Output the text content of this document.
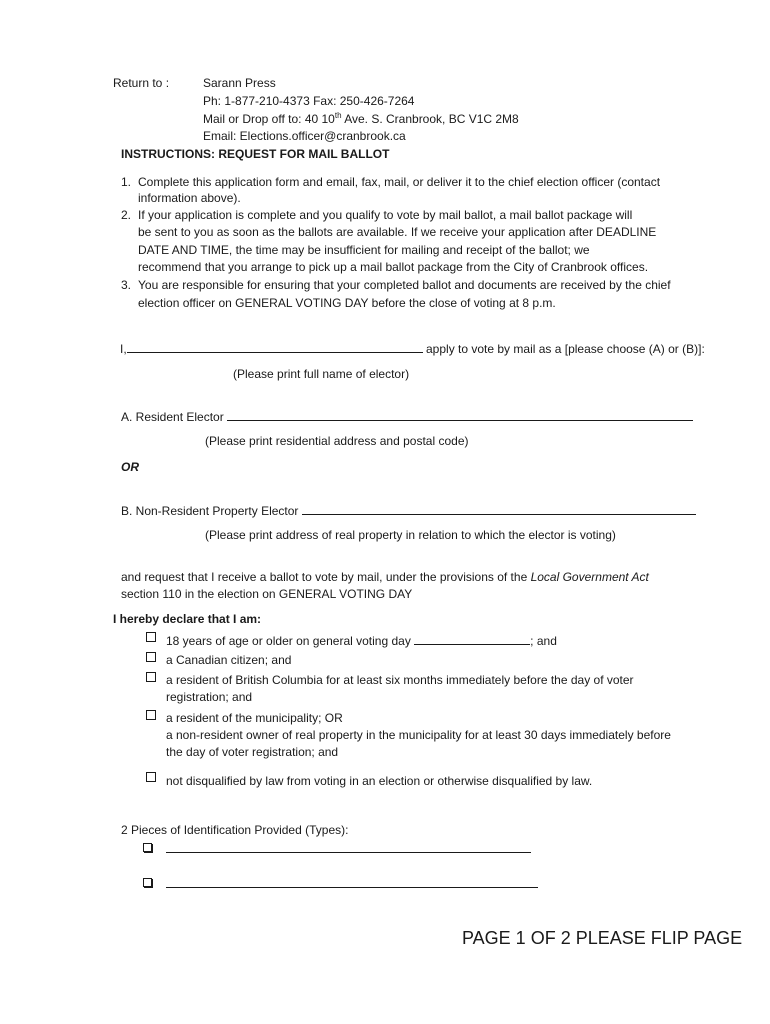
Return to :	Sarann Press
Ph: 1-877-210-4373 Fax: 250-426-7264
Mail or Drop off to: 40 10th Ave. S. Cranbrook, BC V1C 2M8
Email: Elections.officer@cranbrook.ca
INSTRUCTIONS: REQUEST FOR MAIL BALLOT
1. Complete this application form and email, fax, mail, or deliver it to the chief election officer (contact
information above).
2. If your application is complete and you qualify to vote by mail ballot, a mail ballot package will
be sent to you as soon as the ballots are available. If we receive your application after DEADLINE
DATE AND TIME, the time may be insufficient for mailing and receipt of the ballot; we
recommend that you arrange to pick up a mail ballot package from the City of Cranbrook offices.
3. You are responsible for ensuring that your completed ballot and documents are received by the chief
election officer on GENERAL VOTING DAY before the close of voting at 8 p.m.
I,	apply to vote by mail as a [please choose (A) or (B)]:
(Please print full name of elector)
A. Resident Elector
(Please print residential address and postal code)
OR
B. Non-Resident Property Elector
(Please print address of real property in relation to which the elector is voting)
and request that I receive a ballot to vote by mail, under the provisions of the Local Government Act
section 110 in the election on GENERAL VOTING DAY
I hereby declare that I am:
18 years of age or older on general voting day	; and
a Canadian citizen; and
a resident of British Columbia for at least six months immediately before the day of voter
registration; and
a resident of the municipality; OR
a non-resident owner of real property in the municipality for at least 30 days immediately before
the day of voter registration; and
not disqualified by law from voting in an election or otherwise disqualified by law.
2 Pieces of Identification Provided (Types):
PAGE 1 OF 2 PLEASE FLIP PAGE
